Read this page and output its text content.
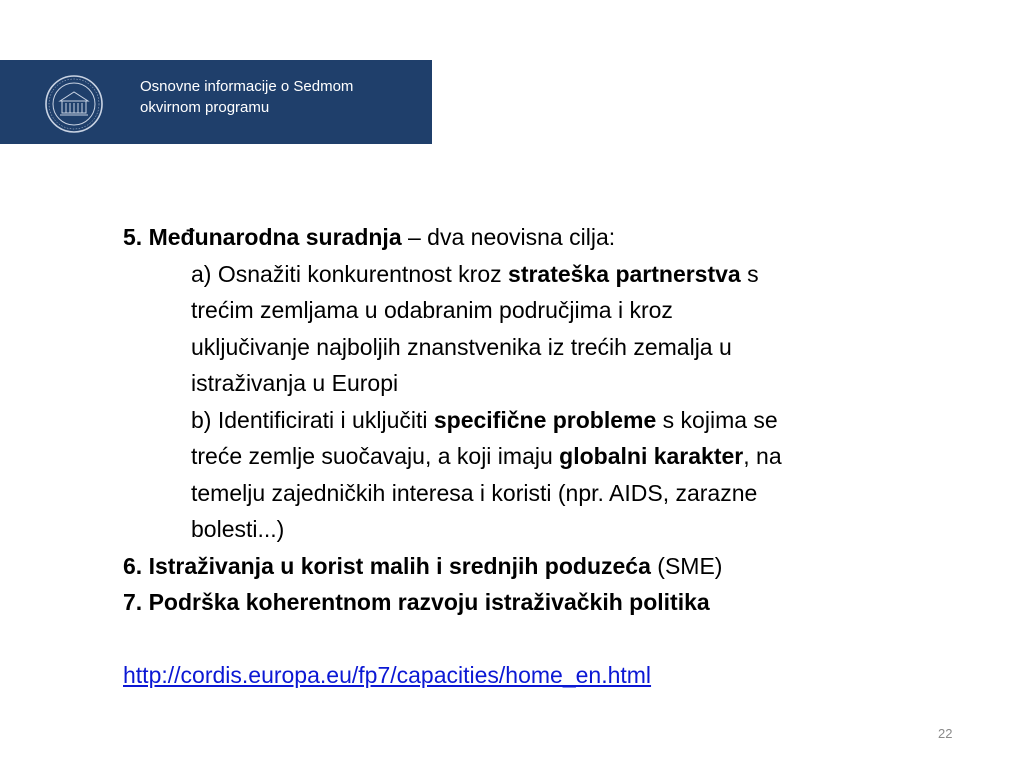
Osnovne informacije o Sedmom
okvirnom programu
5. Međunarodna suradnja – dva neovisna cilja:
a) Osnažiti konkurentnost kroz strateška partnerstva s
trećim zemljama u odabranim područjima i kroz
uključivanje najboljih znanstvenika iz trećih zemalja u
istraživanja u Europi
b) Identificirati i uključiti specifične probleme s kojima se
treće zemlje suočavaju, a koji imaju globalni karakter, na
temelju zajedničkih interesa i koristi (npr. AIDS, zarazne
bolesti...)
6. Istraživanja u korist malih i srednjih poduzeća (SME)
7. Podrška koherentnom razvoju istraživačkih politika
http://cordis.europa.eu/fp7/capacities/home_en.html
22
